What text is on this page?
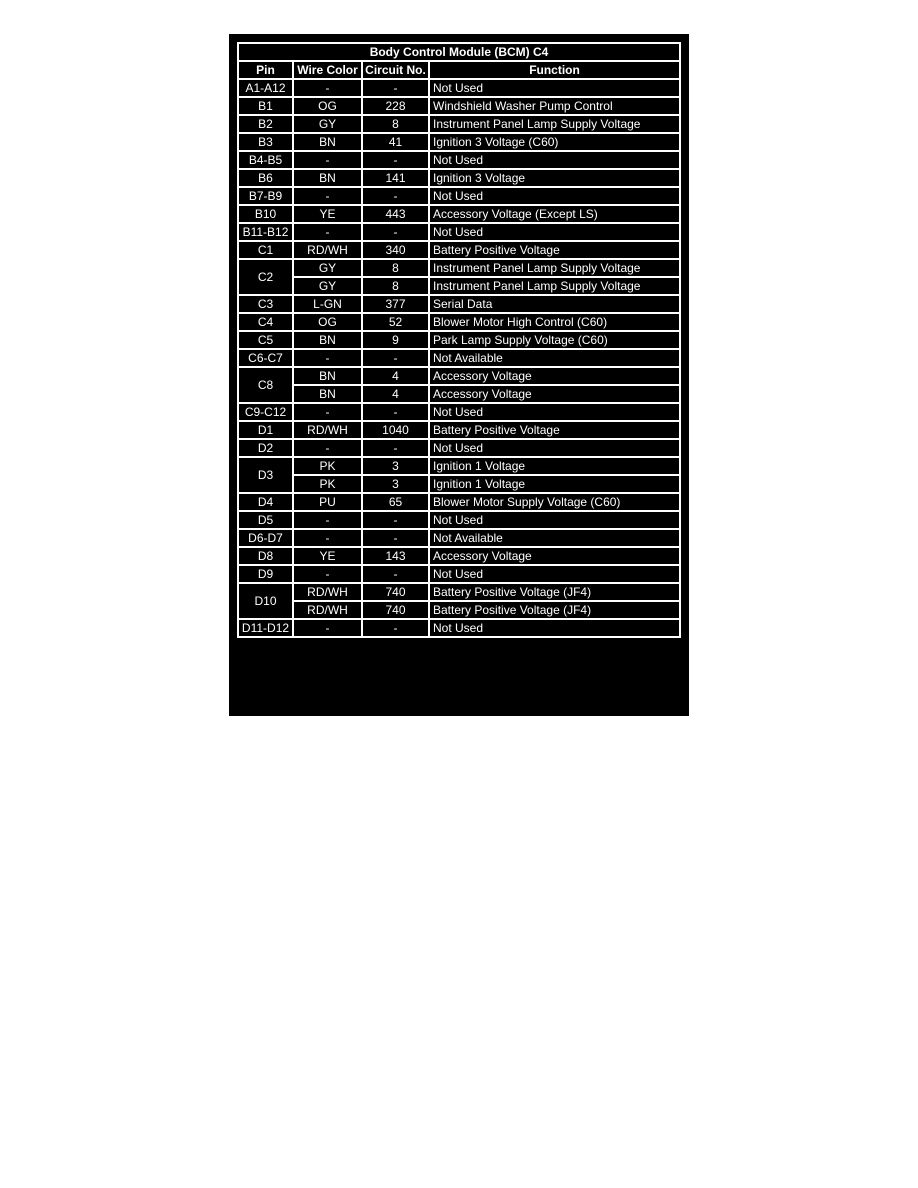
Body Control Module (BCM) C4			
Pin	Wire Color	Circuit No.	Function
A1-A12	-	-	Not Used
B1	OG	228	Windshield Washer Pump Control
B2	GY	8	Instrument Panel Lamp Supply Voltage
B3	BN	41	Ignition 3 Voltage (C60)
B4-B5	-	-	Not Used
B6	BN	141	Ignition 3 Voltage
B7-B9	-	-	Not Used
B10	YE	443	Accessory Voltage (Except LS)
B11-B12	-	-	Not Used
C1	RD/WH	340	Battery Positive Voltage
C2	GY	8	Instrument Panel Lamp Supply Voltage
	GY	8	Instrument Panel Lamp Supply Voltage
C3	L-GN	377	Serial Data
C4	OG	52	Blower Motor High Control (C60)
C5	BN	9	Park Lamp Supply Voltage (C60)
C6-C7	-	-	Not Available
C8	BN	4	Accessory Voltage
	BN	4	Accessory Voltage
C9-C12	-	-	Not Used
D1	RD/WH	1040	Battery Positive Voltage
D2	-	-	Not Used
D3	PK	3	Ignition 1 Voltage
	PK	3	Ignition 1 Voltage
D4	PU	65	Blower Motor Supply Voltage (C60)
D5	-	-	Not Used
D6-D7	-	-	Not Available
D8	YE	143	Accessory Voltage
D9	-	-	Not Used
D10	RD/WH	740	Battery Positive Voltage (JF4)
	RD/WH	740	Battery Positive Voltage (JF4)
D11-D12	-	-	Not Used
